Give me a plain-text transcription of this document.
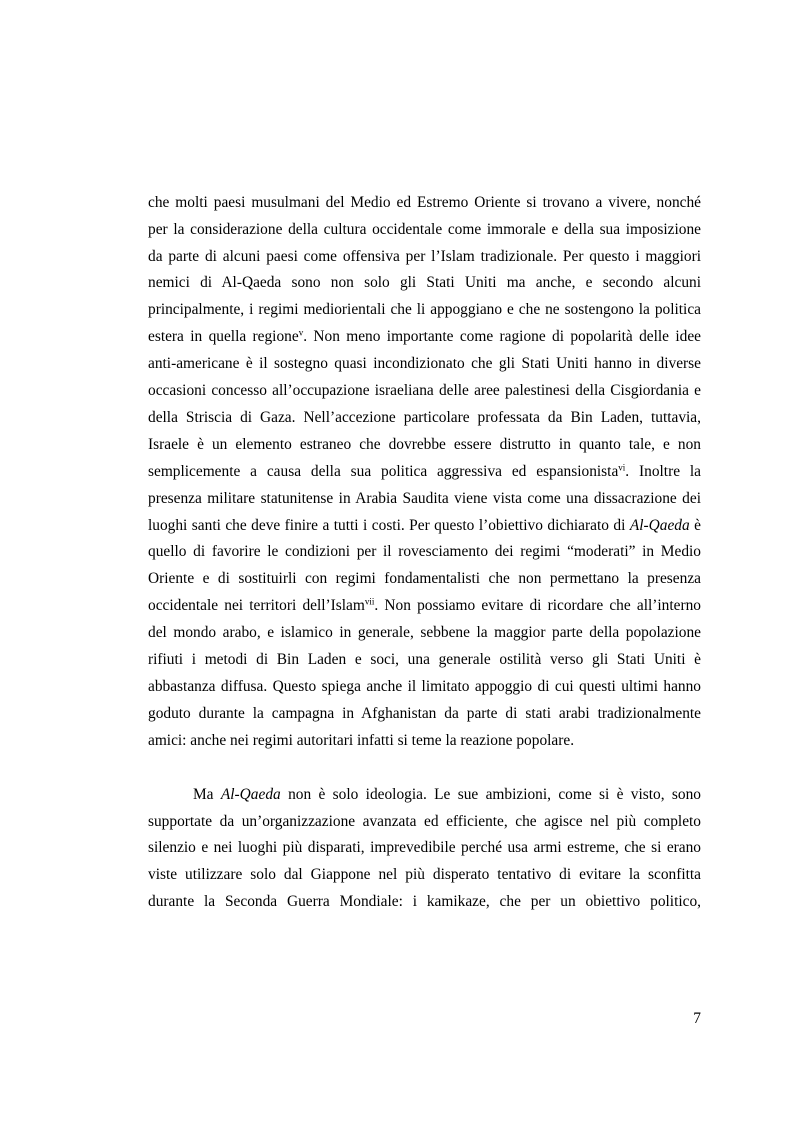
che molti paesi musulmani del Medio ed Estremo Oriente si trovano a vivere, nonché
per la considerazione della cultura occidentale come immorale e della sua imposizione
da parte di alcuni paesi come offensiva per l’Islam tradizionale. Per questo i maggiori
nemici di Al-Qaeda sono non solo gli Stati Uniti ma anche, e secondo alcuni
principalmente, i regimi mediorientali che li appoggiano e che ne sostengono la politica
estera in quella regione$^v$. Non meno importante come ragione di popolarità delle idee
anti-americane è il sostegno quasi incondizionato che gli Stati Uniti hanno in diverse
occasioni concesso all’occupazione israeliana delle aree palestinesi della Cisgiordania e
della Striscia di Gaza. Nell’accezione particolare professata da Bin Laden, tuttavia,
Israele è un elemento estraneo che dovrebbe essere distrutto in quanto tale, e non
semplicemente a causa della sua politica aggressiva ed espansionista$^{vi}$. Inoltre la
presenza militare statunitense in Arabia Saudita viene vista come una dissacrazione dei
luoghi santi che deve finire a tutti i costi. Per questo l’obiettivo dichiarato di Al-Qaeda è
quello di favorire le condizioni per il rovesciamento dei regimi “moderati” in Medio
Oriente e di sostituirli con regimi fondamentalisti che non permettano la presenza
occidentale nei territori dell’Islam$^{vii}$. Non possiamo evitare di ricordare che all’interno
del mondo arabo, e islamico in generale, sebbene la maggior parte della popolazione
rifiuti i metodi di Bin Laden e soci, una generale ostilità verso gli Stati Uniti è
abbastanza diffusa. Questo spiega anche il limitato appoggio di cui questi ultimi hanno
goduto durante la campagna in Afghanistan da parte di stati arabi tradizionalmente
amici: anche nei regimi autoritari infatti si teme la reazione popolare.
Ma Al-Qaeda non è solo ideologia. Le sue ambizioni, come si è visto, sono
supportate da un’organizzazione avanzata ed efficiente, che agisce nel più completo
silenzio e nei luoghi più disparati, imprevedibile perché usa armi estreme, che si erano
viste utilizzare solo dal Giappone nel più disperato tentativo di evitare la sconfitta
durante la Seconda Guerra Mondiale: i kamikaze, che per un obiettivo politico,
7
